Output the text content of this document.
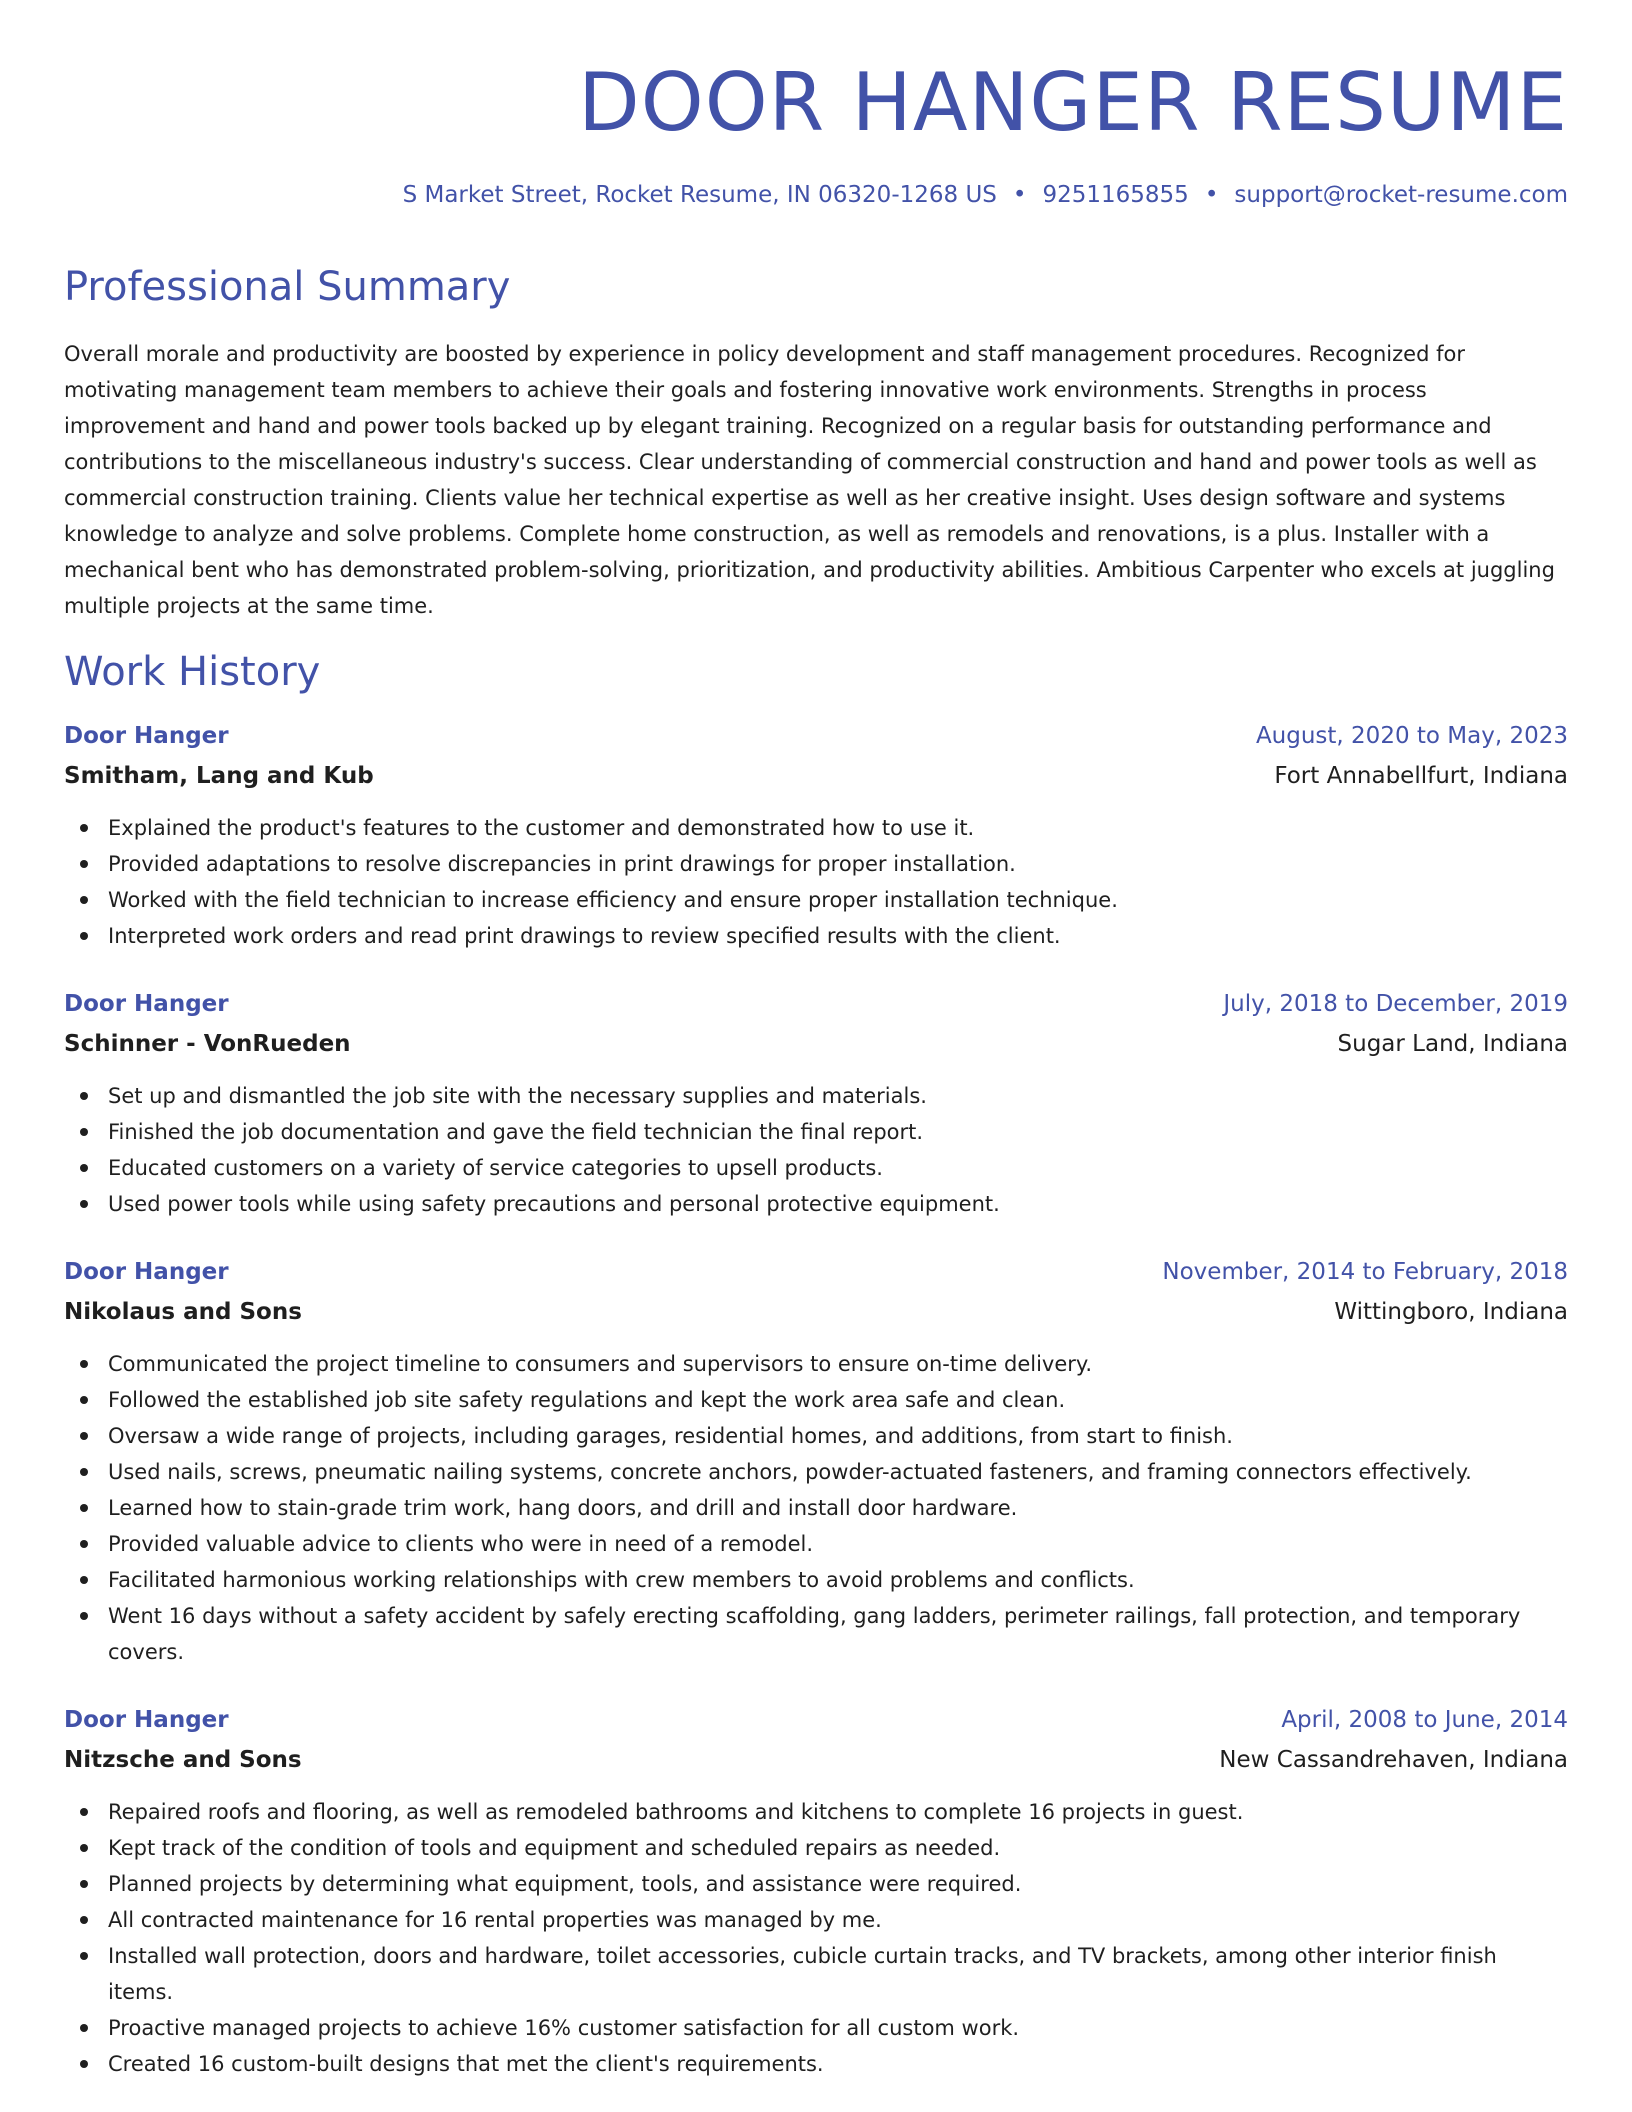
DOOR HANGER RESUME
S Market Street, Rocket Resume, IN 06320-1268 US • 9251165855 • support@rocket-resume.com
Professional Summary

Overall morale and productivity are boosted by experience in policy development and staff management procedures. Recognized for motivating management team members to achieve their goals and fostering innovative work environments. Strengths in process improvement and hand and power tools backed up by elegant training. Recognized on a regular basis for outstanding performance and contributions to the miscellaneous industry's success. Clear understanding of commercial construction and hand and power tools as well as commercial construction training. Clients value her technical expertise as well as her creative insight. Uses design software and systems knowledge to analyze and solve problems. Complete home construction, as well as remodels and renovations, is a plus. Installer with a mechanical bent who has demonstrated problem-solving, prioritization, and productivity abilities. Ambitious Carpenter who excels at juggling multiple projects at the same time.

Work History
Door Hanger	August, 2020 to May, 2023
Smitham, Lang and Kub	Fort Annabellfurt, Indiana
Explained the product's features to the customer and demonstrated how to use it.
Provided adaptations to resolve discrepancies in print drawings for proper installation.
Worked with the field technician to increase efficiency and ensure proper installation technique.
Interpreted work orders and read print drawings to review specified results with the client.
Door Hanger	July, 2018 to December, 2019
Schinner - VonRueden	Sugar Land, Indiana
Set up and dismantled the job site with the necessary supplies and materials.
Finished the job documentation and gave the field technician the final report.
Educated customers on a variety of service categories to upsell products.
Used power tools while using safety precautions and personal protective equipment.
Door Hanger	November, 2014 to February, 2018
Nikolaus and Sons	Wittingboro, Indiana
Communicated the project timeline to consumers and supervisors to ensure on-time delivery.
Followed the established job site safety regulations and kept the work area safe and clean.
Oversaw a wide range of projects, including garages, residential homes, and additions, from start to finish.
Used nails, screws, pneumatic nailing systems, concrete anchors, powder-actuated fasteners, and framing connectors effectively.
Learned how to stain-grade trim work, hang doors, and drill and install door hardware.
Provided valuable advice to clients who were in need of a remodel.
Facilitated harmonious working relationships with crew members to avoid problems and conflicts.
Went 16 days without a safety accident by safely erecting scaffolding, gang ladders, perimeter railings, fall protection, and temporary covers.
Door Hanger	April, 2008 to June, 2014
Nitzsche and Sons	New Cassandrehaven, Indiana
Repaired roofs and flooring, as well as remodeled bathrooms and kitchens to complete 16 projects in guest.
Kept track of the condition of tools and equipment and scheduled repairs as needed.
Planned projects by determining what equipment, tools, and assistance were required.
All contracted maintenance for 16 rental properties was managed by me.
Installed wall protection, doors and hardware, toilet accessories, cubicle curtain tracks, and TV brackets, among other interior finish items.
Proactive managed projects to achieve 16% customer satisfaction for all custom work.
Created 16 custom-built designs that met the client's requirements.
